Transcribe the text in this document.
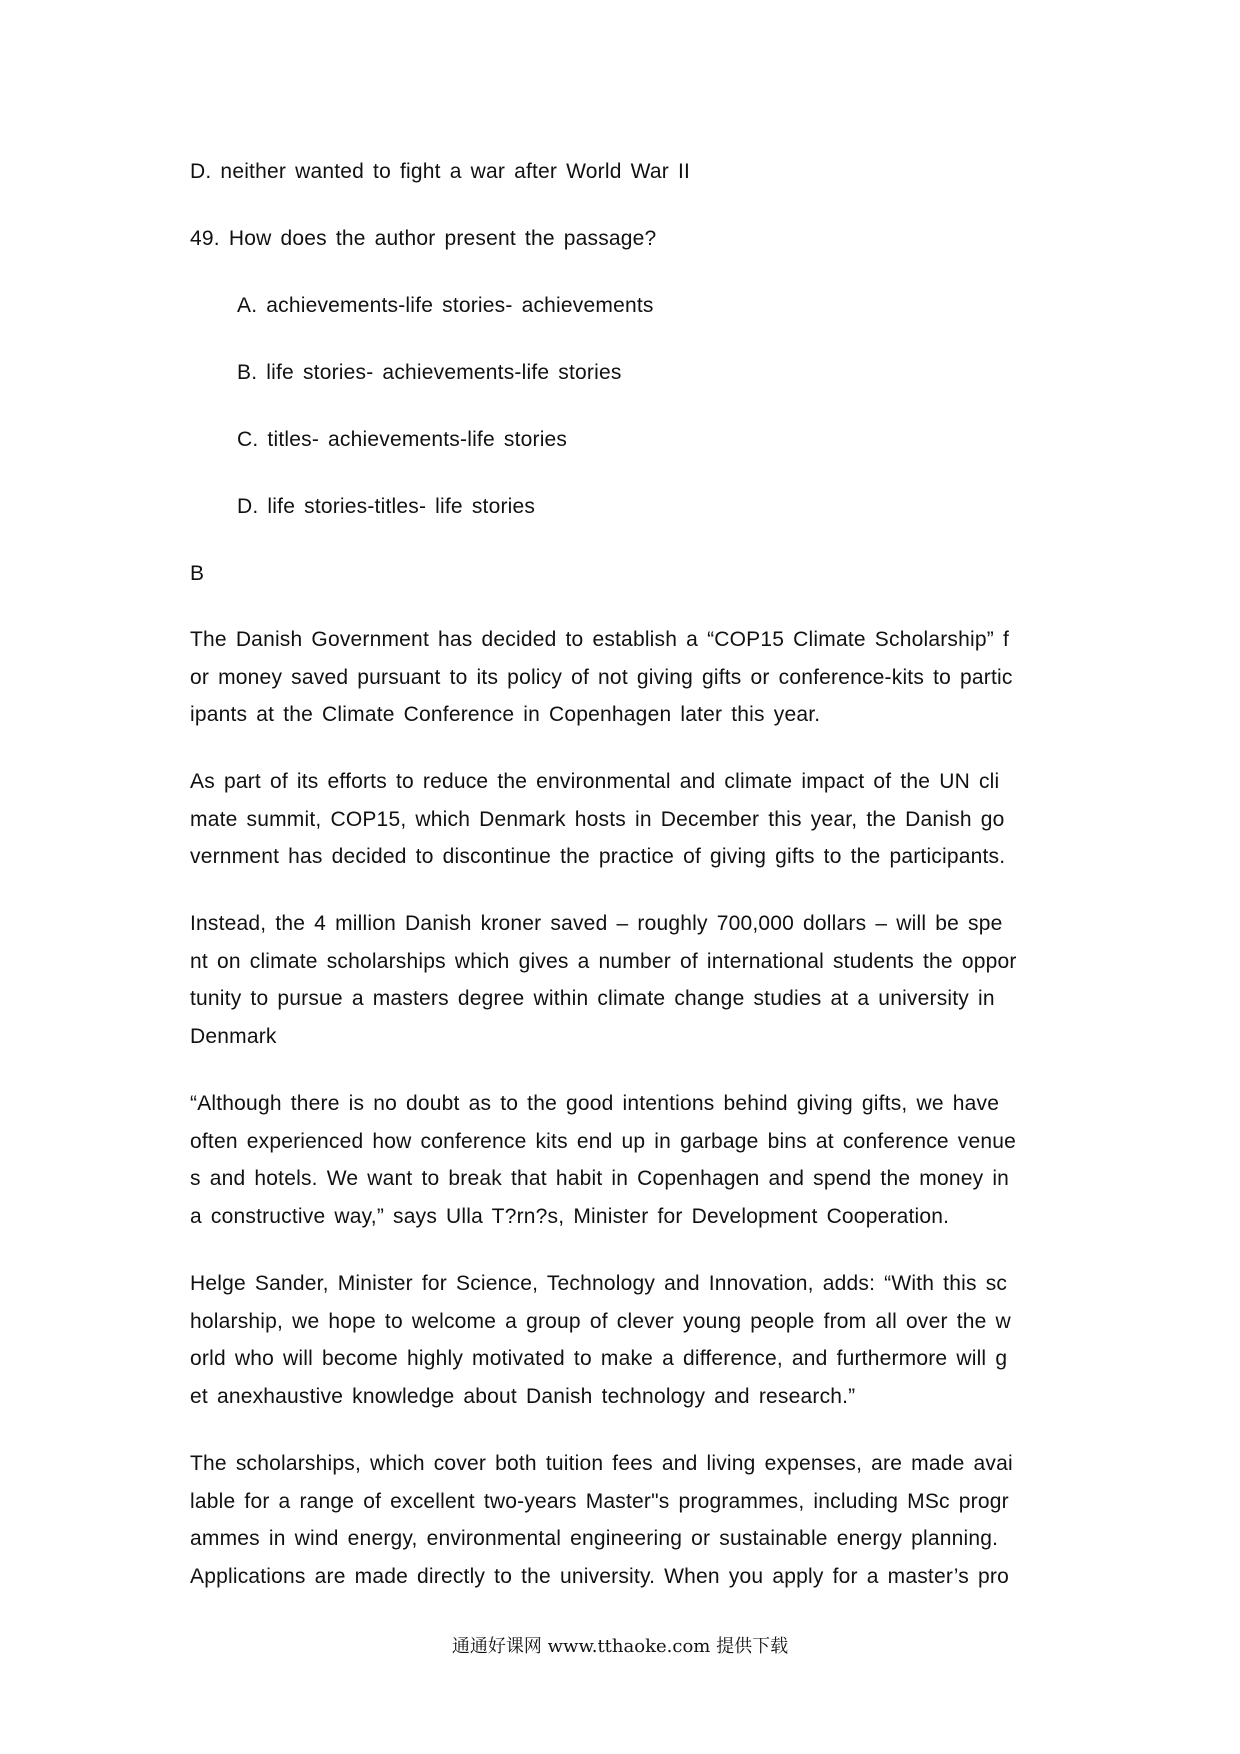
D. neither wanted to fight a war after World War II
49. How does the author present the passage?
A. achievements-life stories- achievements
B. life stories- achievements-life stories
C. titles- achievements-life stories
D. life stories-titles- life stories
B
The Danish Government has decided to establish a “COP15 Climate Scholarship” f
or money saved pursuant to its policy of not giving gifts or conference-kits to partic
ipants at the Climate Conference in Copenhagen later this year.
As part of its efforts to reduce the environmental and climate impact of the UN cli
mate summit, COP15, which Denmark hosts in December this year, the Danish go
vernment has decided to discontinue the practice of giving gifts to the participants.
Instead, the 4 million Danish kroner saved – roughly 700,000 dollars – will be spe
nt on climate scholarships which gives a number of international students the oppor
tunity to pursue a masters degree within climate change studies at a university in
Denmark
“Although there is no doubt as to the good intentions behind giving gifts, we have
often experienced how conference kits end up in garbage bins at conference venue
s and hotels. We want to break that habit in Copenhagen and spend the money in
a constructive way,” says Ulla T?rn?s, Minister for Development Cooperation.
Helge Sander, Minister for Science, Technology and Innovation, adds: “With this sc
holarship, we hope to welcome a group of clever young people from all over the w
orld who will become highly motivated to make a difference, and furthermore will g
et anexhaustive knowledge about Danish technology and research.”
The scholarships, which cover both tuition fees and living expenses, are made avai
lable for a range of excellent two-years Master"s programmes, including MSc progr
ammes in wind energy, environmental engineering or sustainable energy planning.
Applications are made directly to the university. When you apply for a master’s pro
通通好课网 www.tthaoke.com 提供下载
